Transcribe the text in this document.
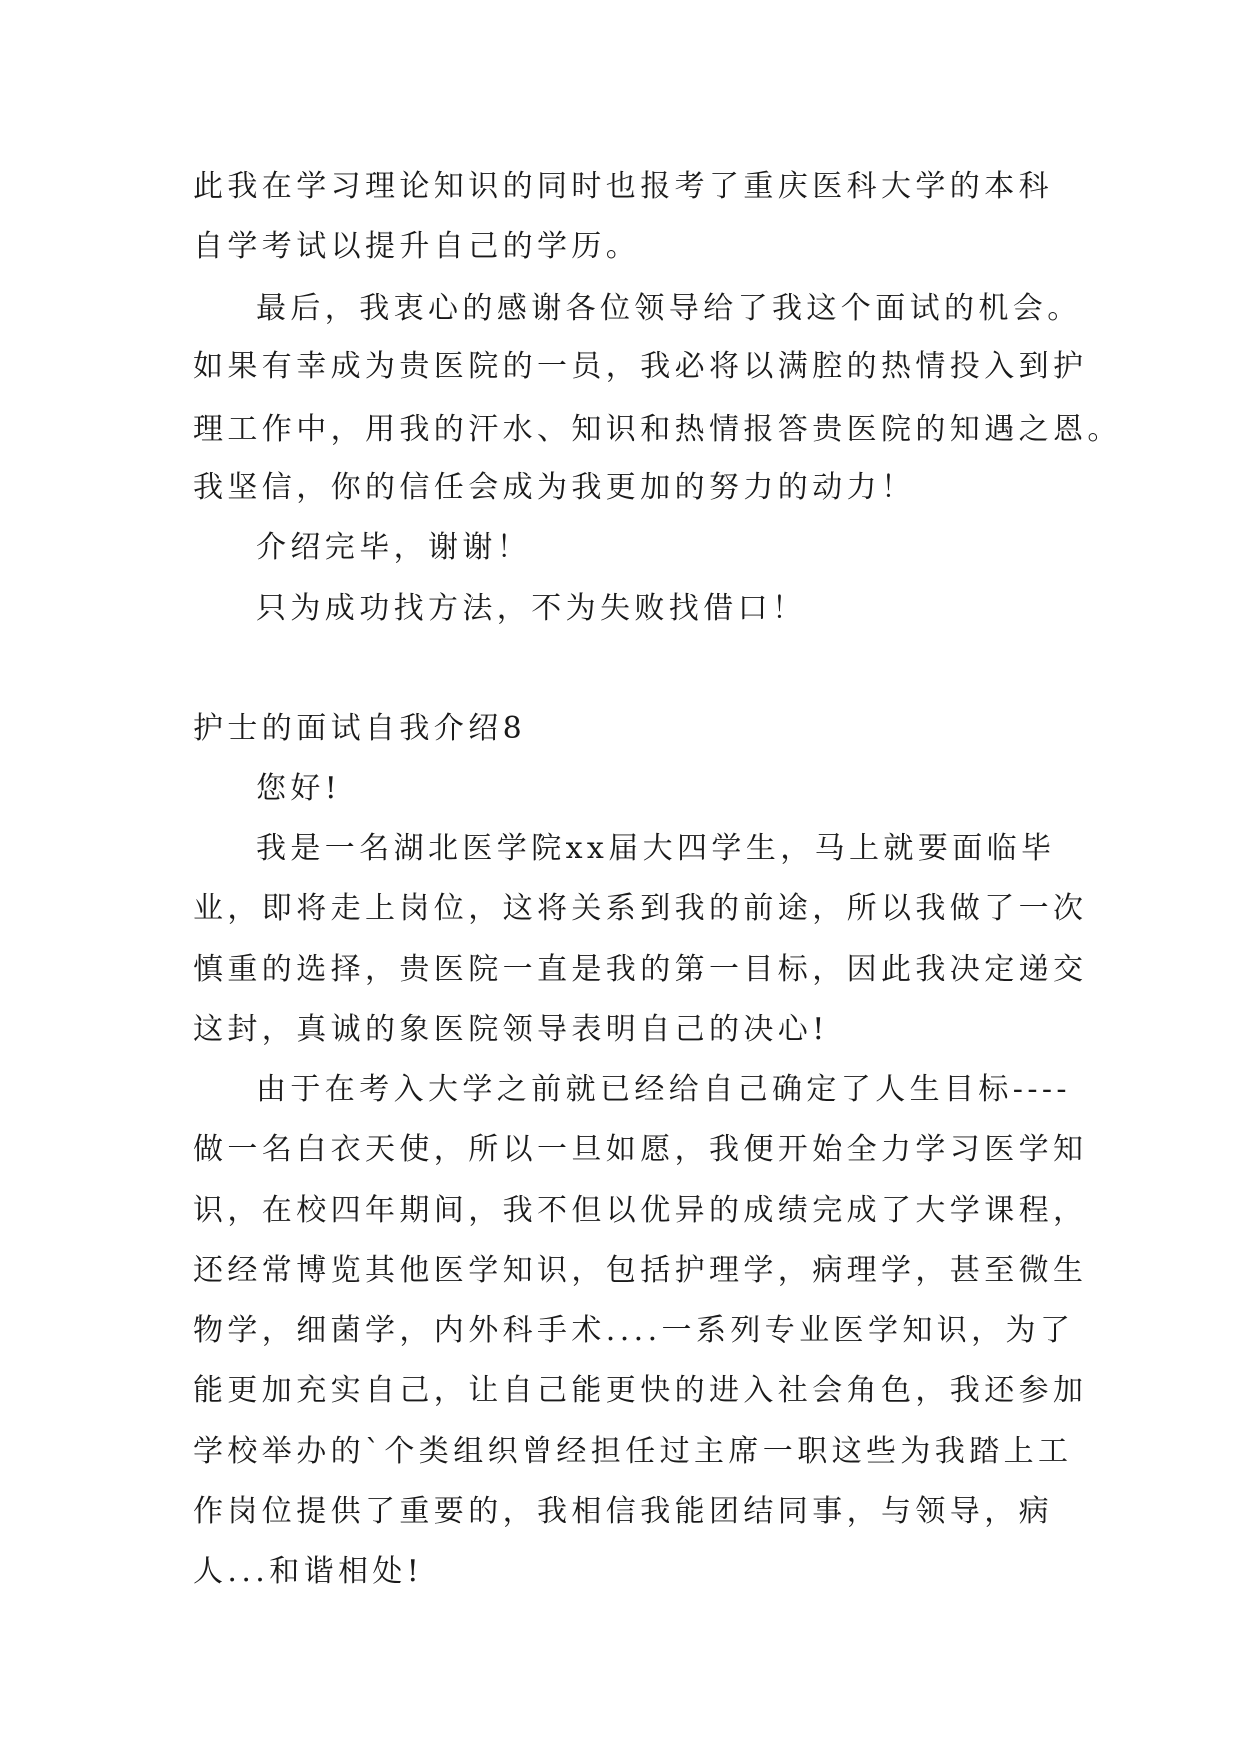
此我在学习理论知识的同时也报考了重庆医科大学的本科
自学考试以提升自己的学历。
最后，我衷心的感谢各位领导给了我这个面试的机会。
如果有幸成为贵医院的一员，我必将以满腔的热情投入到护
理工作中，用我的汗水、知识和热情报答贵医院的知遇之恩。
我坚信，你的信任会成为我更加的努力的动力！
介绍完毕，谢谢！
只为成功找方法，不为失败找借口！
护士的面试自我介绍8
您好!
我是一名湖北医学院xx届大四学生，马上就要面临毕
业，即将走上岗位，这将关系到我的前途，所以我做了一次
慎重的选择，贵医院一直是我的第一目标，因此我决定递交
这封，真诚的象医院领导表明自己的决心!
由于在考入大学之前就已经给自己确定了人生目标----
做一名白衣天使，所以一旦如愿，我便开始全力学习医学知
识，在校四年期间，我不但以优异的成绩完成了大学课程，
还经常博览其他医学知识，包括护理学，病理学，甚至微生
物学，细菌学，内外科手术....一系列专业医学知识，为了
能更加充实自己，让自己能更快的进入社会角色，我还参加
学校举办的`个类组织曾经担任过主席一职这些为我踏上工
作岗位提供了重要的，我相信我能团结同事，与领导，病
人...和谐相处!
